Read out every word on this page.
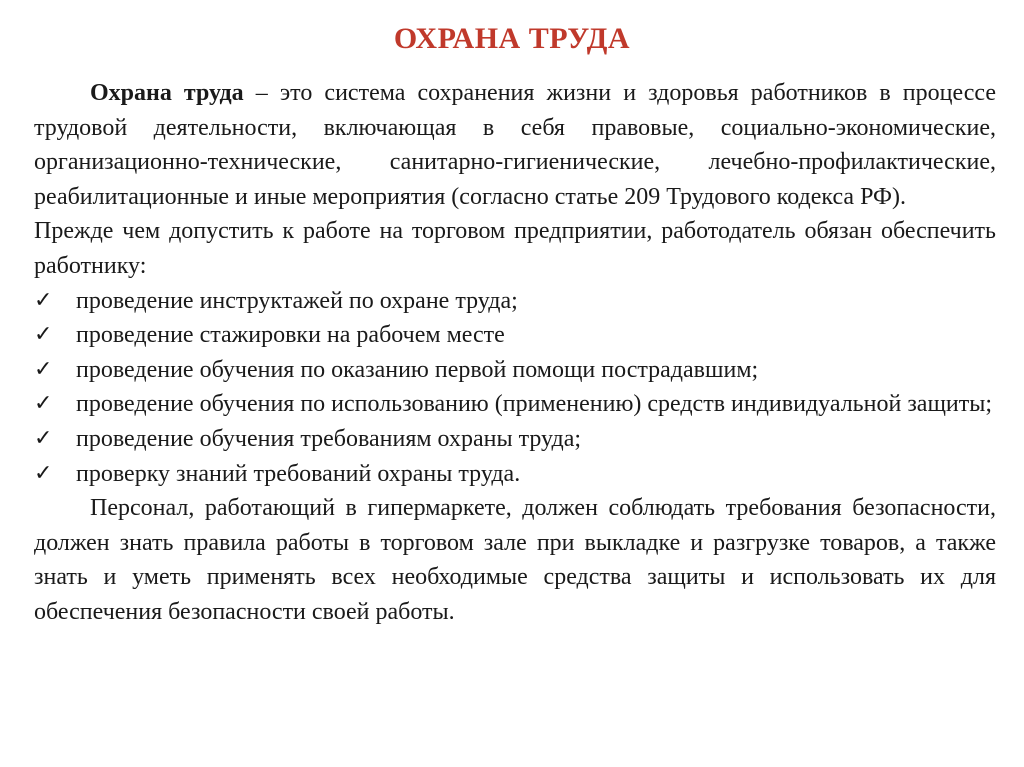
ОХРАНА ТРУДА

Охрана труда – это система сохранения жизни и здоровья работников в процессе трудовой деятельности, включающая в себя правовые, социально-экономические, организационно-технические, санитарно-гигиенические, лечебно-профилактические, реабилитационные и иные мероприятия (согласно статье 209 Трудового кодекса РФ).

Прежде чем допустить к работе на торговом предприятии, работодатель обязан обеспечить работнику:

✓ проведение инструктажей по охране труда;
✓ проведение стажировки на рабочем месте
✓ проведение обучения по оказанию первой помощи пострадавшим;
✓ проведение обучения по использованию (применению) средств индивидуальной защиты;
✓ проведение обучения требованиям охраны труда;
✓ проверку знаний требований охраны труда.

Персонал, работающий в гипермаркете, должен соблюдать требования безопасности, должен знать правила работы в торговом зале при выкладке и разгрузке товаров, а также знать и уметь применять всех необходимые средства защиты и использовать их для обеспечения безопасности своей работы.
